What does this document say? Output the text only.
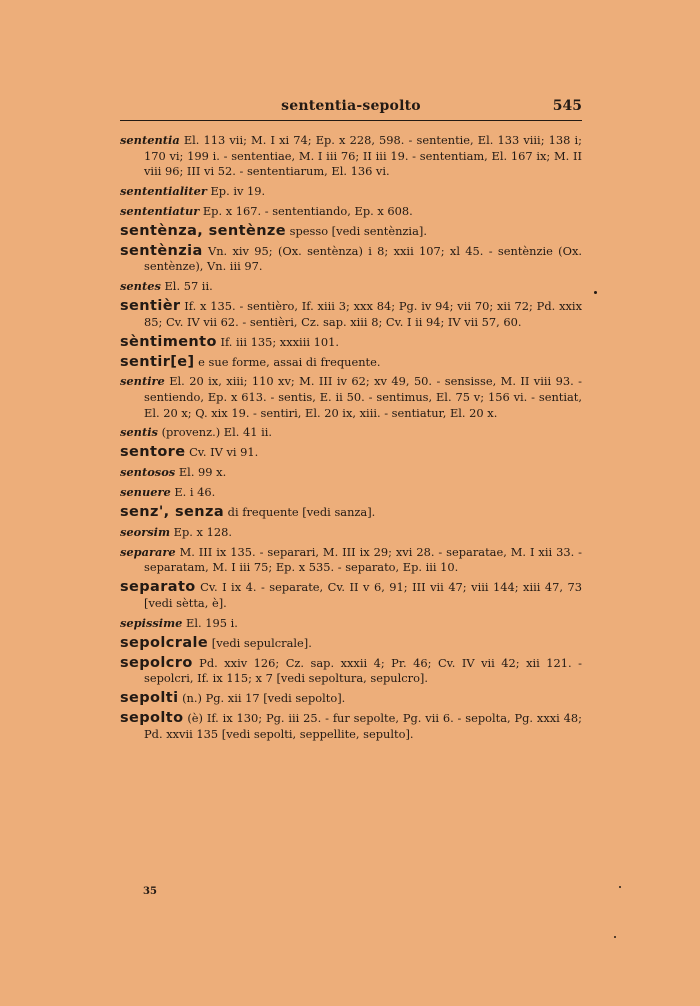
sententia-sepolto	545
sententia El. 113 vii; M. I xi 74; Ep. x 228, 598. - sententie, El. 133 viii; 138 i; 170 vi; 199 i. - sententiae, M. I iii 76; II iii 19. - sententiam, El. 167 ix; M. II viii 96; III vi 52. - sententiarum, El. 136 vi.
sententialiter Ep. iv 19.
sententiatur Ep. x 167. - sententiando, Ep. x 608.
sentènza, sentènze spesso [vedi sentènzia].
sentènzia Vn. xiv 95; (Ox. sentènza) i 8; xxii 107; xl 45. - sentènzie (Ox. sentènze), Vn. iii 97.
sentes El. 57 ii.
sentièr If. x 135. - sentièro, If. xiii 3; xxx 84; Pg. iv 94; vii 70; xii 72; Pd. xxix 85; Cv. IV vii 62. - sentièri, Cz. sap. xiii 8; Cv. I ii 94; IV vii 57, 60.
sèntimento If. iii 135; xxxiii 101.
sentir[e] e sue forme, assai di frequente.
sentire El. 20 ix, xiii; 110 xv; M. III iv 62; xv 49, 50. - sensisse, M. II viii 93. - sentiendo, Ep. x 613. - sentis, E. ii 50. - sentimus, El. 75 v; 156 vi. - sentiat, El. 20 x; Q. xix 19. - sentiri, El. 20 ix, xiii. - sentiatur, El. 20 x.
sentis (provenz.) El. 41 ii.
sentore Cv. IV vi 91.
sentosos El. 99 x.
senuere E. i 46.
senz', senza di frequente [vedi sanza].
seorsim Ep. x 128.
separare M. III ix 135. - separari, M. III ix 29; xvi 28. - separatae, M. I xii 33. - separatam, M. I iii 75; Ep. x 535. - separato, Ep. iii 10.
separato Cv. I ix 4. - separate, Cv. II v 6, 91; III vii 47; viii 144; xiii 47, 73 [vedi sètta, è].
sepissime El. 195 i.
sepolcrale [vedi sepulcrale].
sepolcro Pd. xxiv 126; Cz. sap. xxxii 4; Pr. 46; Cv. IV vii 42; xii 121. - sepolcri, If. ix 115; x 7 [vedi sepoltura, sepulcro].
sepolti (n.) Pg. xii 17 [vedi sepolto].
sepolto (è) If. ix 130; Pg. iii 25. - fur sepolte, Pg. vii 6. - sepolta, Pg. xxxi 48; Pd. xxvii 135 [vedi sepolti, seppellite, sepulto].
35
